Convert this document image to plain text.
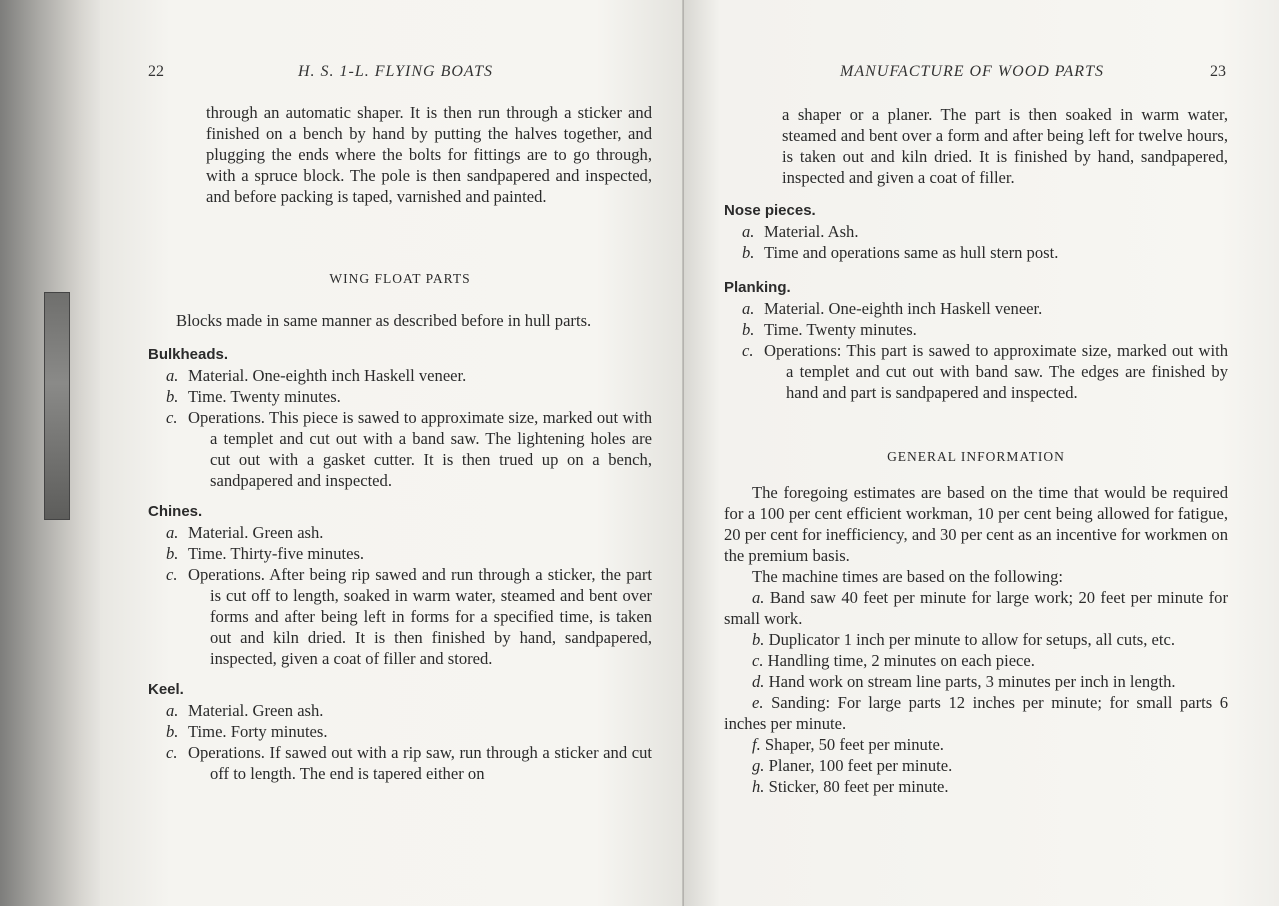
22	H. S. 1-L. FLYING BOATS

through an automatic shaper. It is then run through a sticker and finished on a bench by hand by putting the halves together, and plugging the ends where the bolts for fittings are to go through, with a spruce block. The pole is then sandpapered and inspected, and before packing is taped, varnished and painted.

WING FLOAT PARTS

Blocks made in same manner as described before in hull parts.

Bulkheads.

a. Material. One-eighth inch Haskell veneer.
b. Time. Twenty minutes.
c. Operations. This piece is sawed to approximate size, marked out with a templet and cut out with a band saw. The lightening holes are cut out with a gasket cutter. It is then trued up on a bench, sandpapered and inspected.

Chines.

a. Material. Green ash.
b. Time. Thirty-five minutes.
c. Operations. After being rip sawed and run through a sticker, the part is cut off to length, soaked in warm water, steamed and bent over forms and after being left in forms for a specified time, is taken out and kiln dried. It is then finished by hand, sandpapered, inspected, given a coat of filler and stored.

Keel.

a. Material. Green ash.
b. Time. Forty minutes.
c. Operations. If sawed out with a rip saw, run through a sticker and cut off to length. The end is tapered either on
MANUFACTURE OF WOOD PARTS	23

a shaper or a planer. The part is then soaked in warm water, steamed and bent over a form and after being left for twelve hours, is taken out and kiln dried. It is finished by hand, sandpapered, inspected and given a coat of filler.

Nose pieces.

a. Material. Ash.
b. Time and operations same as hull stern post.

Planking.

a. Material. One-eighth inch Haskell veneer.
b. Time. Twenty minutes.
c. Operations: This part is sawed to approximate size, marked out with a templet and cut out with band saw. The edges are finished by hand and part is sandpapered and inspected.

GENERAL INFORMATION

The foregoing estimates are based on the time that would be required for a 100 per cent efficient workman, 10 per cent being allowed for fatigue, 20 per cent for inefficiency, and 30 per cent as an incentive for workmen on the premium basis.

The machine times are based on the following:

a. Band saw 40 feet per minute for large work; 20 feet per minute for small work.

b. Duplicator 1 inch per minute to allow for setups, all cuts, etc.

c. Handling time, 2 minutes on each piece.

d. Hand work on stream line parts, 3 minutes per inch in length.

e. Sanding: For large parts 12 inches per minute; for small parts 6 inches per minute.

f. Shaper, 50 feet per minute.

g. Planer, 100 feet per minute.

h. Sticker, 80 feet per minute.
